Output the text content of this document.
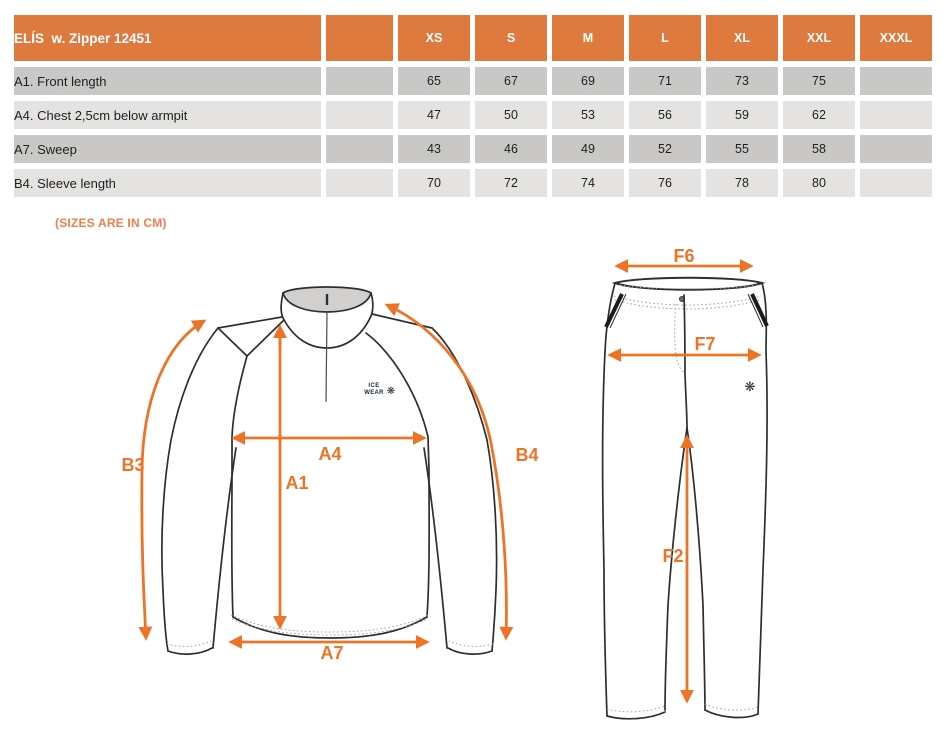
ELÍS  w. Zipper 12451		XS	S	M	L	XL	XXL	XXXL
A1. Front length		65	67	69	71	73	75	
A4. Chest 2,5cm below armpit		47	50	53	56	59	62	
A7. Sweep		43	46	49	52	55	58	
B4. Sleeve length		70	72	74	76	78	80	
(SIZES ARE IN CM)
ICE
WEAR ❋
B3
A4
A1
A7
B4
❋
F6
F7
F2
